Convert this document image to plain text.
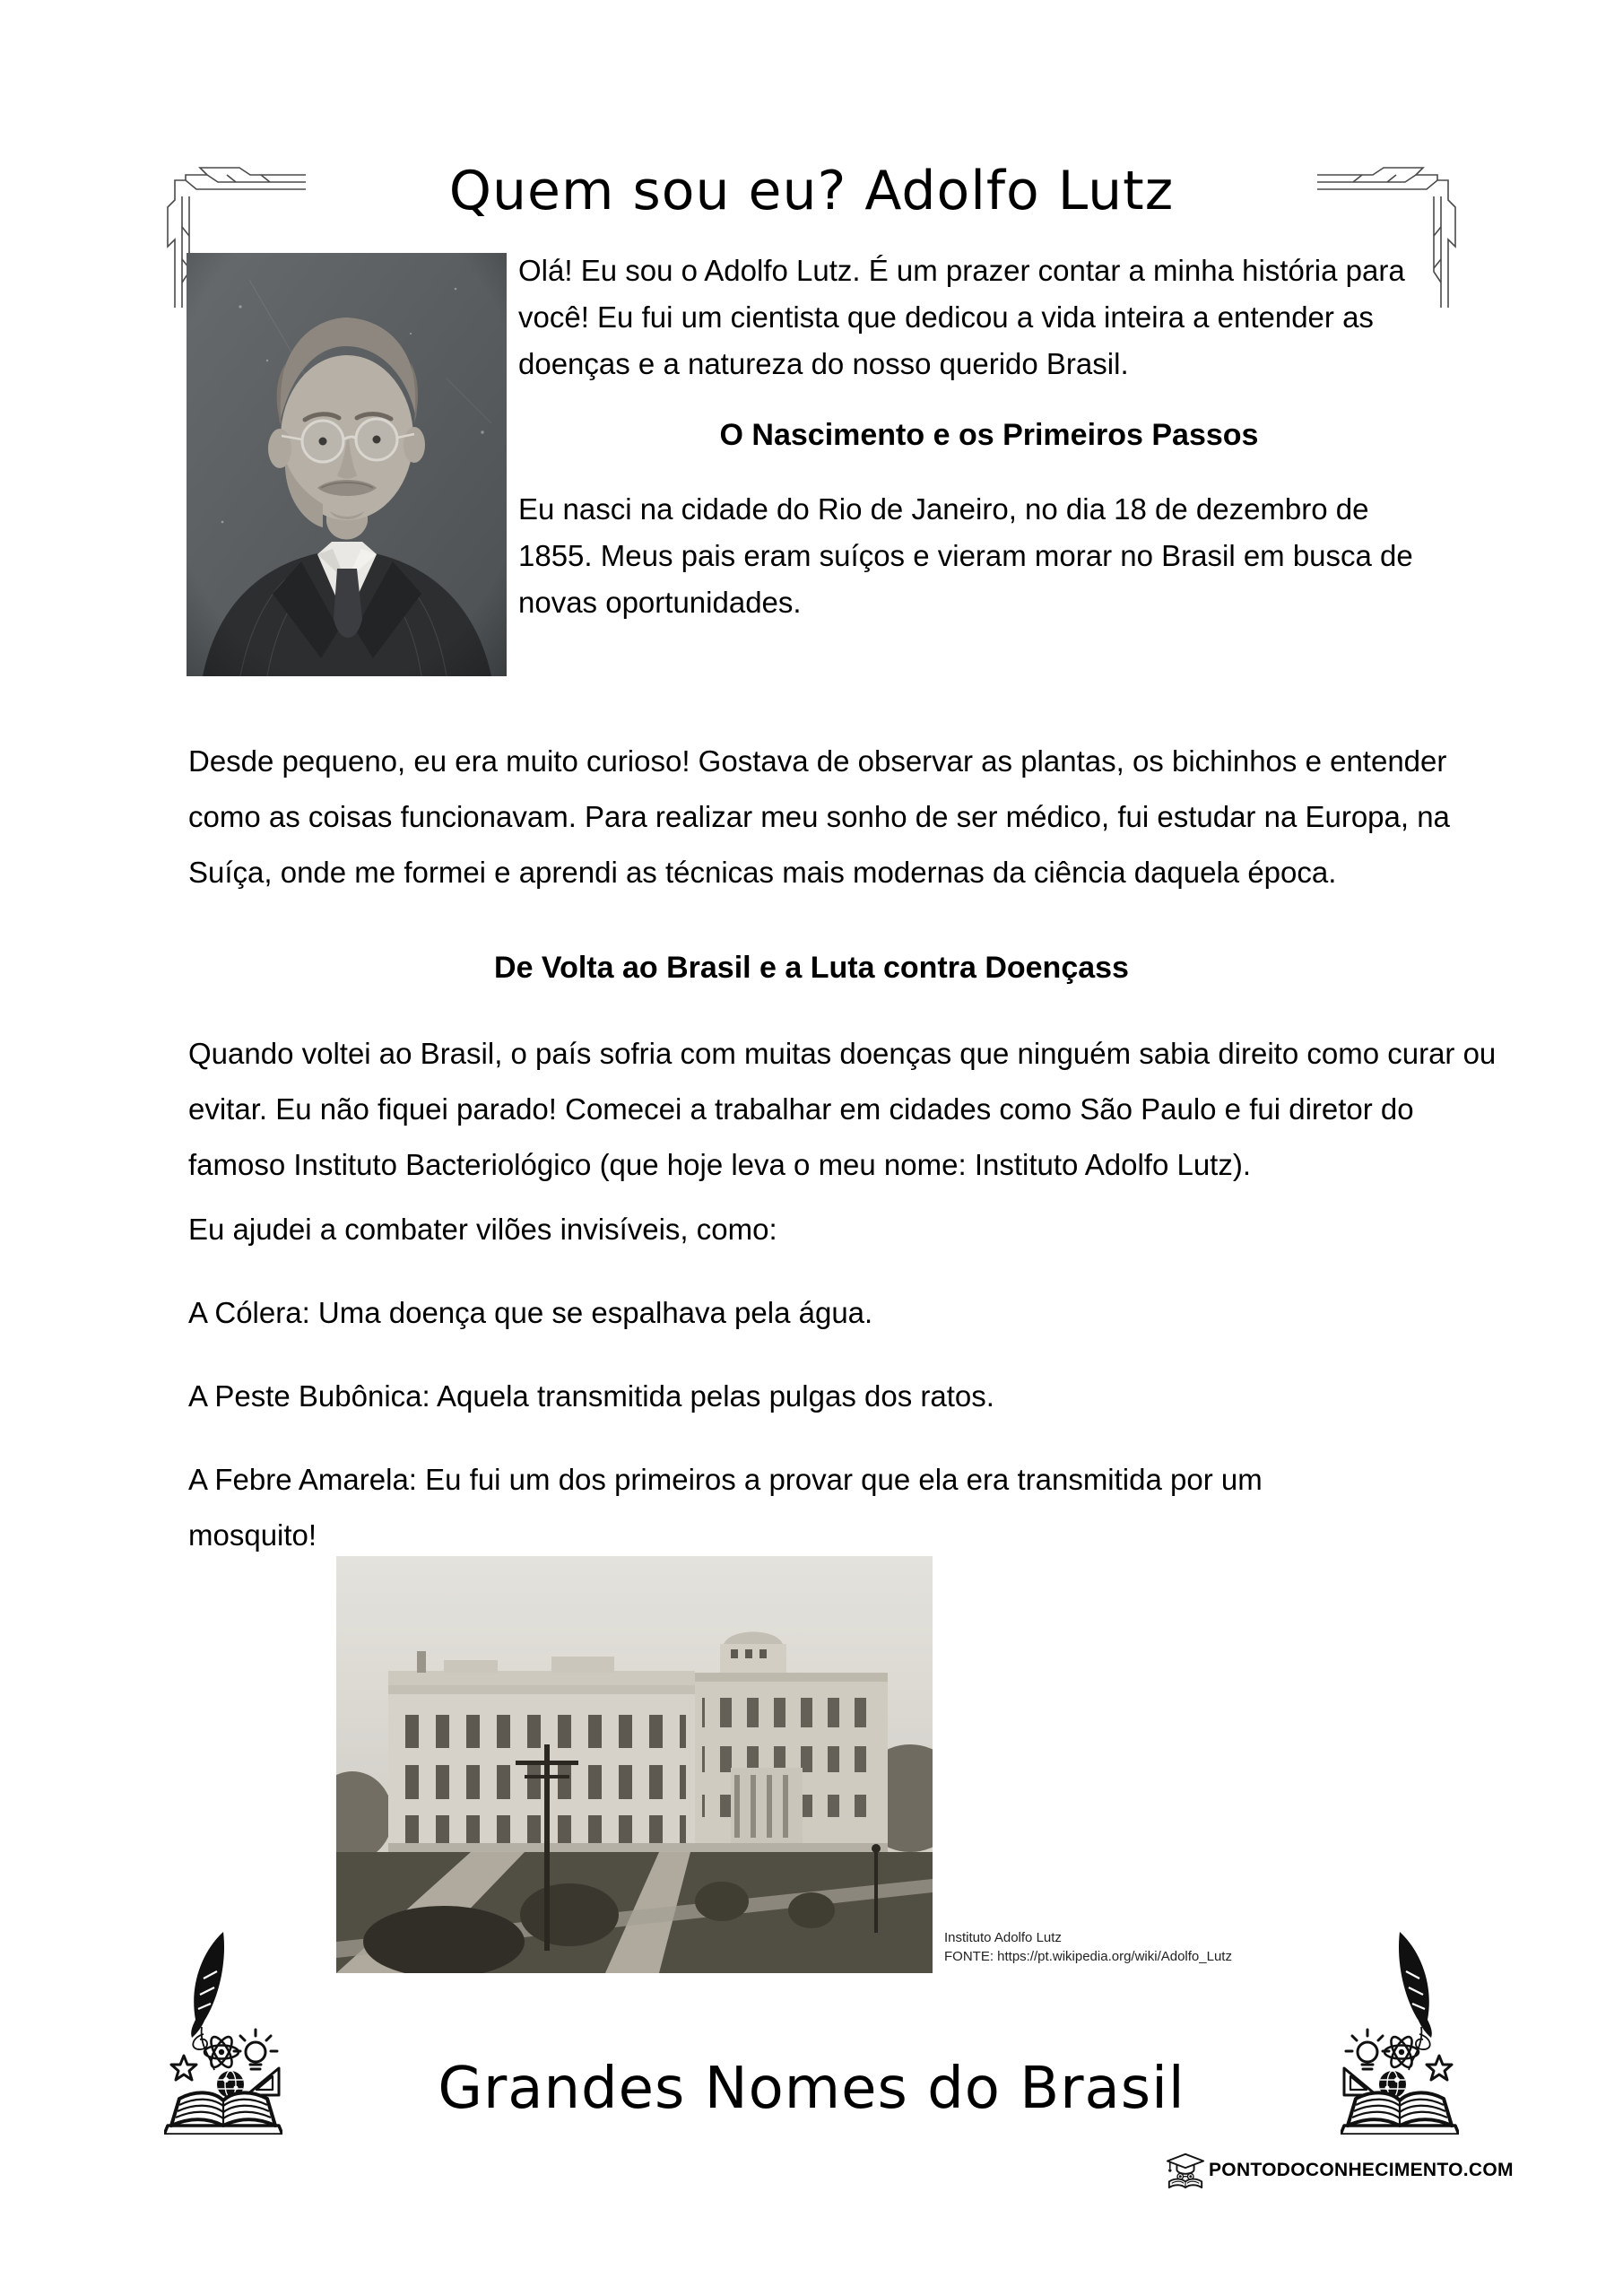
Quem sou eu? Adolfo Lutz
Olá! Eu sou o Adolfo Lutz. É um prazer contar a minha história para você! Eu fui um cientista que dedicou a vida inteira a entender as doenças e a natureza do nosso querido Brasil.
O Nascimento e os Primeiros Passos
Eu nasci na cidade do Rio de Janeiro, no dia 18 de dezembro de 1855. Meus pais eram suíços e vieram morar no Brasil em busca de novas oportunidades.
Desde pequeno, eu era muito curioso! Gostava de observar as plantas, os bichinhos e entender como as coisas funcionavam. Para realizar meu sonho de ser médico, fui estudar na Europa, na Suíça, onde me formei e aprendi as técnicas mais modernas da ciência daquela época.
De Volta ao Brasil e a Luta contra Doençass
Quando voltei ao Brasil, o país sofria com muitas doenças que ninguém sabia direito como curar ou evitar. Eu não fiquei parado! Comecei a trabalhar em cidades como São Paulo e fui diretor do famoso Instituto Bacteriológico (que hoje leva o meu nome: Instituto Adolfo Lutz).
Eu ajudei a combater vilões invisíveis, como:
A Cólera: Uma doença que se espalhava pela água.
A Peste Bubônica: Aquela transmitida pelas pulgas dos ratos.
A Febre Amarela: Eu fui um dos primeiros a provar que ela era transmitida por um mosquito!
Instituto Adolfo Lutz
FONTE: https://pt.wikipedia.org/wiki/Adolfo_Lutz
Grandes Nomes do Brasil
PONTODOCONHECIMENTO.COM
